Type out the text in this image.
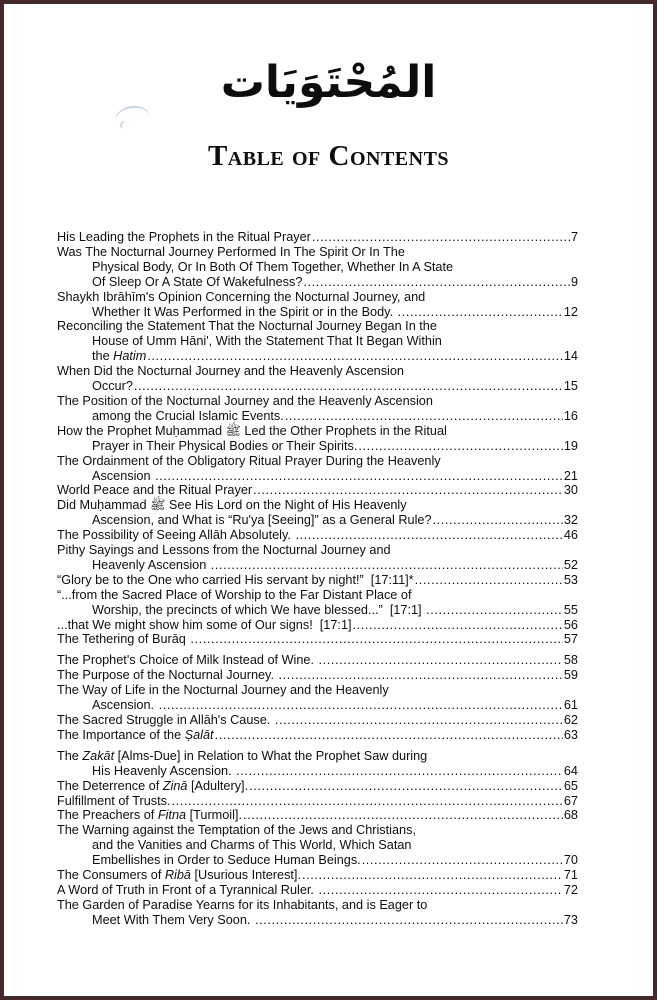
المُحْتَوَيَات
Table of Contents
His Leading the Prophets in the Ritual Prayer .....	7
Was The Nocturnal Journey Performed In The Spirit Or In The
Physical Body, Or In Both Of Them Together, Whether In A State
Of Sleep Or A State Of Wakefulness? .....	9
Shaykh Ibrāhīm's Opinion Concerning the Nocturnal Journey, and
Whether It Was Performed in the Spirit or in the Body. .....	12
Reconciling the Statement That the Nocturnal Journey Began In the
House of Umm Hāni', With the Statement That It Began Within
the Hatim .....	14
When Did the Nocturnal Journey and the Heavenly Ascension
Occur? .....	15
The Position of the Nocturnal Journey and the Heavenly Ascension
among the Crucial Islamic Events. .....	16
How the Prophet Muḥammad ﷺ Led the Other Prophets in the Ritual
Prayer in Their Physical Bodies or Their Spirits. .....	19
The Ordainment of the Obligatory Ritual Prayer During the Heavenly
Ascension .....	21
World Peace and the Ritual Prayer .....	30
Did Muḥammad ﷺ See His Lord on the Night of His Heavenly
Ascension, and What is “Ru'ya [Seeing]” as a General Rule? .....	32
The Possibility of Seeing Allāh Absolutely. .....	46
Pithy Sayings and Lessons from the Nocturnal Journey and
Heavenly Ascension .....	52
“Glory be to the One who carried His servant by night!”  [17:11]* .....	53
“...from the Sacred Place of Worship to the Far Distant Place of
Worship, the precincts of which We have blessed...”  [17:1] .....	55
...that We might show him some of Our signs!  [17:1] .....	56
The Tethering of Burāq .....	57
The Prophet's Choice of Milk Instead of Wine. .....	58
The Purpose of the Nocturnal Journey. .....	59
The Way of Life in the Nocturnal Journey and the Heavenly
Ascension. .....	61
The Sacred Struggle in Allāh's Cause. .....	62
The Importance of the Ṣalāt .....	63
The Zakāt [Alms-Due] in Relation to What the Prophet Saw during
His Heavenly Ascension. .....	64
The Deterrence of Zinā [Adultery]. .....	65
Fulfillment of Trusts. .....	67
The Preachers of Fitna [Turmoil]. .....	68
The Warning against the Temptation of the Jews and Christians,
and the Vanities and Charms of This World, Which Satan
Embellishes in Order to Seduce Human Beings. .....	70
The Consumers of Ribā [Usurious Interest]. .....	71
A Word of Truth in Front of a Tyrannical Ruler. .....	72
The Garden of Paradise Yearns for its Inhabitants, and is Eager to
Meet With Them Very Soon. .....	73
